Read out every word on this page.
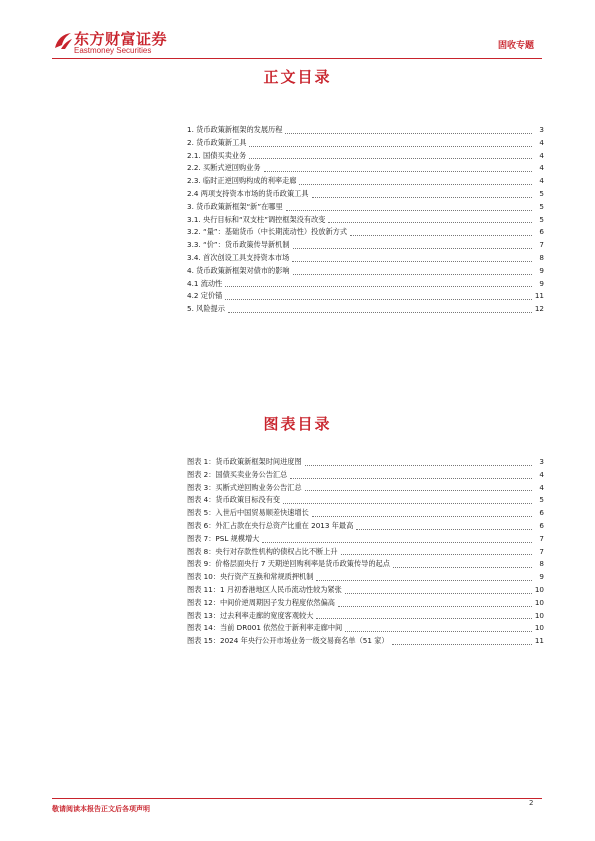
东方财富证券
Eastmoney Securities	固收专题
正文目录
1. 货币政策新框架的发展历程	3
2. 货币政策新工具	4
2.1. 国债买卖业务	4
2.2. 买断式逆回购业务	4
2.3. 临时正逆回购构成的利率走廊	4
2.4 两项支持资本市场的货币政策工具	5
3. 货币政策新框架“新”在哪里	5
3.1. 央行目标和“双支柱”调控框架没有改变	5
3.2. “量”：基础货币（中长期流动性）投放新方式	6
3.3. “价”：货币政策传导新机制	7
3.4. 首次创设工具支持资本市场	8
4. 货币政策新框架对债市的影响	9
4.1 流动性	9
4.2 定价锚	11
5. 风险提示	12
图表目录
图表 1：货币政策新框架时间进度图	3
图表 2：国债买卖业务公告汇总	4
图表 3：买断式逆回购业务公告汇总	4
图表 4：货币政策目标没有变	5
图表 5：入世后中国贸易顺差快速增长	6
图表 6：外汇占款在央行总资产比重在 2013 年最高	6
图表 7：PSL 规模增大	7
图表 8：央行对存款性机构的债权占比不断上升	7
图表 9：价格层面央行 7 天期逆回购利率是货币政策传导的起点	8
图表 10：央行资产互换和常规质押机制	9
图表 11：1 月初香港地区人民币流动性较为紧张	10
图表 12：中间价逆周期因子发力程度依然偏高	10
图表 13：过去利率走廊的宽度客观较大	10
图表 14：当前 DR001 依然位于新利率走廊中间	10
图表 15：2024 年央行公开市场业务一级交易商名单（51 家）	11
敬请阅读本报告正文后各项声明
2
